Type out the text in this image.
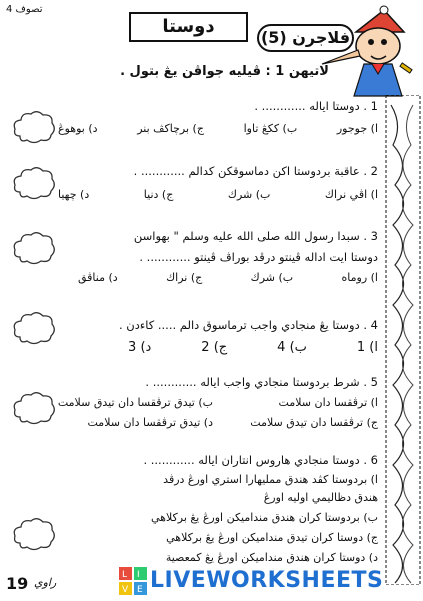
تصوف 4
دوستا
فلاجرن (5)
لاتيهن 1 : ڤيليه جواڤن يڠ بتول .
1 . دوستا اياله ............ .
ا) جوجور
ب) ككڠ تاوا
ج) برچاكڤ بنر
د) بوهوڠ
2 . عاقبة بردوستا اكن دماسوقكن كدالم ............ .
ا) اڤي نراك
ب) شرك
ج) دنيا
د) چهيا
3 . سبدا رسول الله صلى الله عليه وسلم " بهواسن
دوستا ايت اداله ڤينتو درڤد بوراڤ ڤينتو ............ .
ا) روماه
ب) شرك
ج) نراك
د) مناڤق
4 . دوستا يڠ منجادي واجب ترماسوق دالم ..... كاءدن .
ا) 1
ب) 4
ج) 2
د) 3
5 . شرط بردوستا منجادي واجب اياله ............ .
ا) ترڤقسا دان سلامت
ب) تيدق ترڤقسا دان تيدق سلامت
ج) ترڤقسا دان تيدق سلامت
د) تيدق ترڤقسا دان سلامت
6 . دوستا منجادي هاروس انتاران اياله ............ .
ا) بردوستا كڤد هندق ممليهارا استري اورڠ درڤد
هندق دظاليمي اوليه اورڠ
ب) بردوستا كران هندق منداميكن اورڠ يڠ بركلاهي
ج) دوستا كران تيدق منداميكن اورڠ يڠ بركلاهي
د) دوستا كران هندق منداميكن اورڠ يڠ كمعصية
19 راوي
L I
V E LIVEWORKSHEETS
